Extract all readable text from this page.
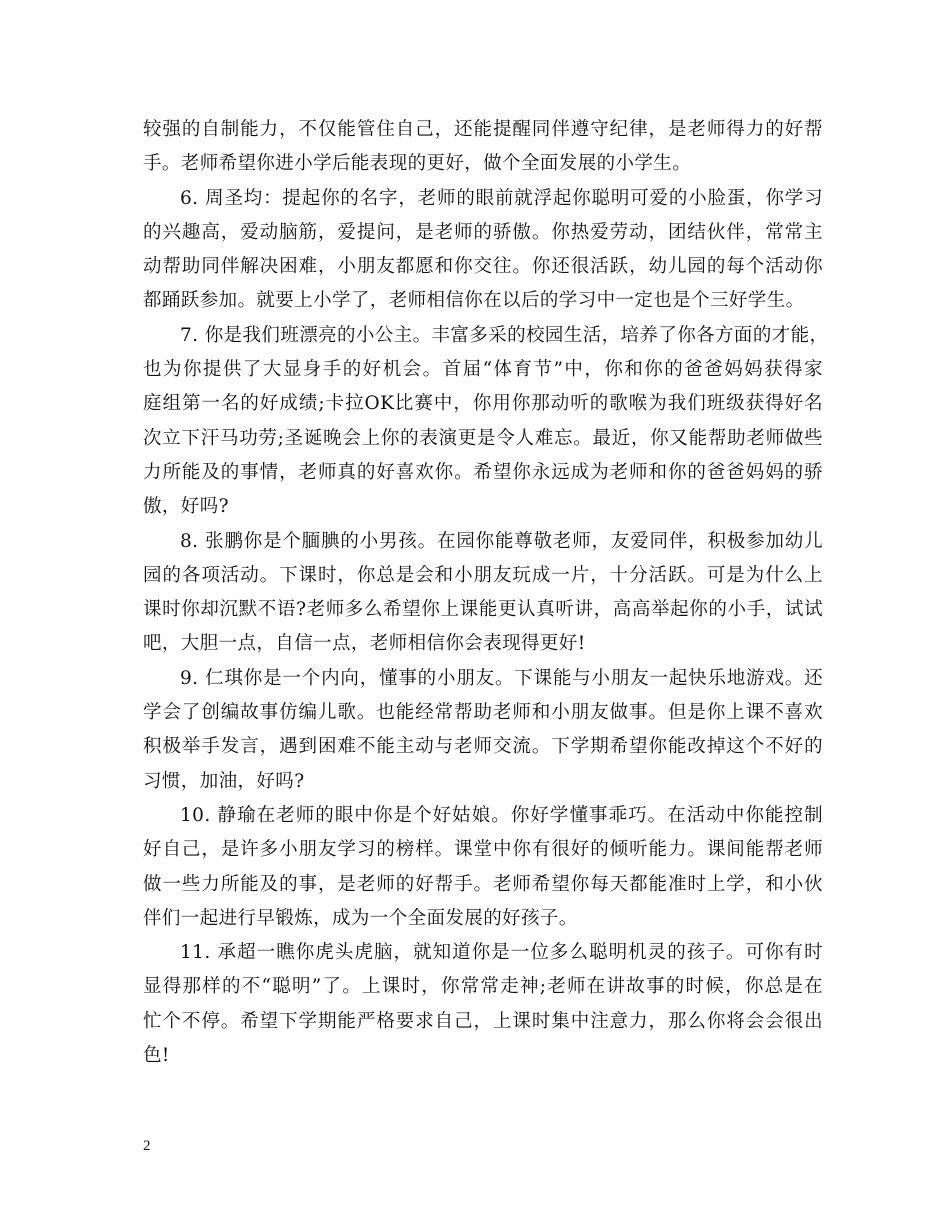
较强的自制能力，不仅能管住自己，还能提醒同伴遵守纪律，是老师得力的好帮
手。老师希望你进小学后能表现的更好，做个全面发展的小学生。
6. 周圣均：提起你的名字，老师的眼前就浮起你聪明可爱的小脸蛋，你学习
的兴趣高，爱动脑筋，爱提问，是老师的骄傲。你热爱劳动，团结伙伴，常常主
动帮助同伴解决困难，小朋友都愿和你交往。你还很活跃，幼儿园的每个活动你
都踊跃参加。就要上小学了，老师相信你在以后的学习中一定也是个三好学生。
7. 你是我们班漂亮的小公主。丰富多采的校园生活，培养了你各方面的才能，
也为你提供了大显身手的好机会。首届“体育节”中，你和你的爸爸妈妈获得家
庭组第一名的好成绩;卡拉OK比赛中，你用你那动听的歌喉为我们班级获得好名
次立下汗马功劳;圣诞晚会上你的表演更是令人难忘。最近，你又能帮助老师做些
力所能及的事情，老师真的好喜欢你。希望你永远成为老师和你的爸爸妈妈的骄
傲，好吗?
8. 张鹏你是个腼腆的小男孩。在园你能尊敬老师，友爱同伴，积极参加幼儿
园的各项活动。下课时，你总是会和小朋友玩成一片，十分活跃。可是为什么上
课时你却沉默不语?老师多么希望你上课能更认真听讲，高高举起你的小手，试试
吧，大胆一点，自信一点，老师相信你会表现得更好!
9. 仁琪你是一个内向，懂事的小朋友。下课能与小朋友一起快乐地游戏。还
学会了创编故事仿编儿歌。也能经常帮助老师和小朋友做事。但是你上课不喜欢
积极举手发言，遇到困难不能主动与老师交流。下学期希望你能改掉这个不好的
习惯，加油，好吗?
10. 静瑜在老师的眼中你是个好姑娘。你好学懂事乖巧。在活动中你能控制
好自己，是许多小朋友学习的榜样。课堂中你有很好的倾听能力。课间能帮老师
做一些力所能及的事，是老师的好帮手。老师希望你每天都能准时上学，和小伙
伴们一起进行早锻炼，成为一个全面发展的好孩子。
11. 承超一瞧你虎头虎脑，就知道你是一位多么聪明机灵的孩子。可你有时
显得那样的不“聪明”了。上课时，你常常走神;老师在讲故事的时候，你总是在
忙个不停。希望下学期能严格要求自己，上课时集中注意力，那么你将会会很出
色!
2
